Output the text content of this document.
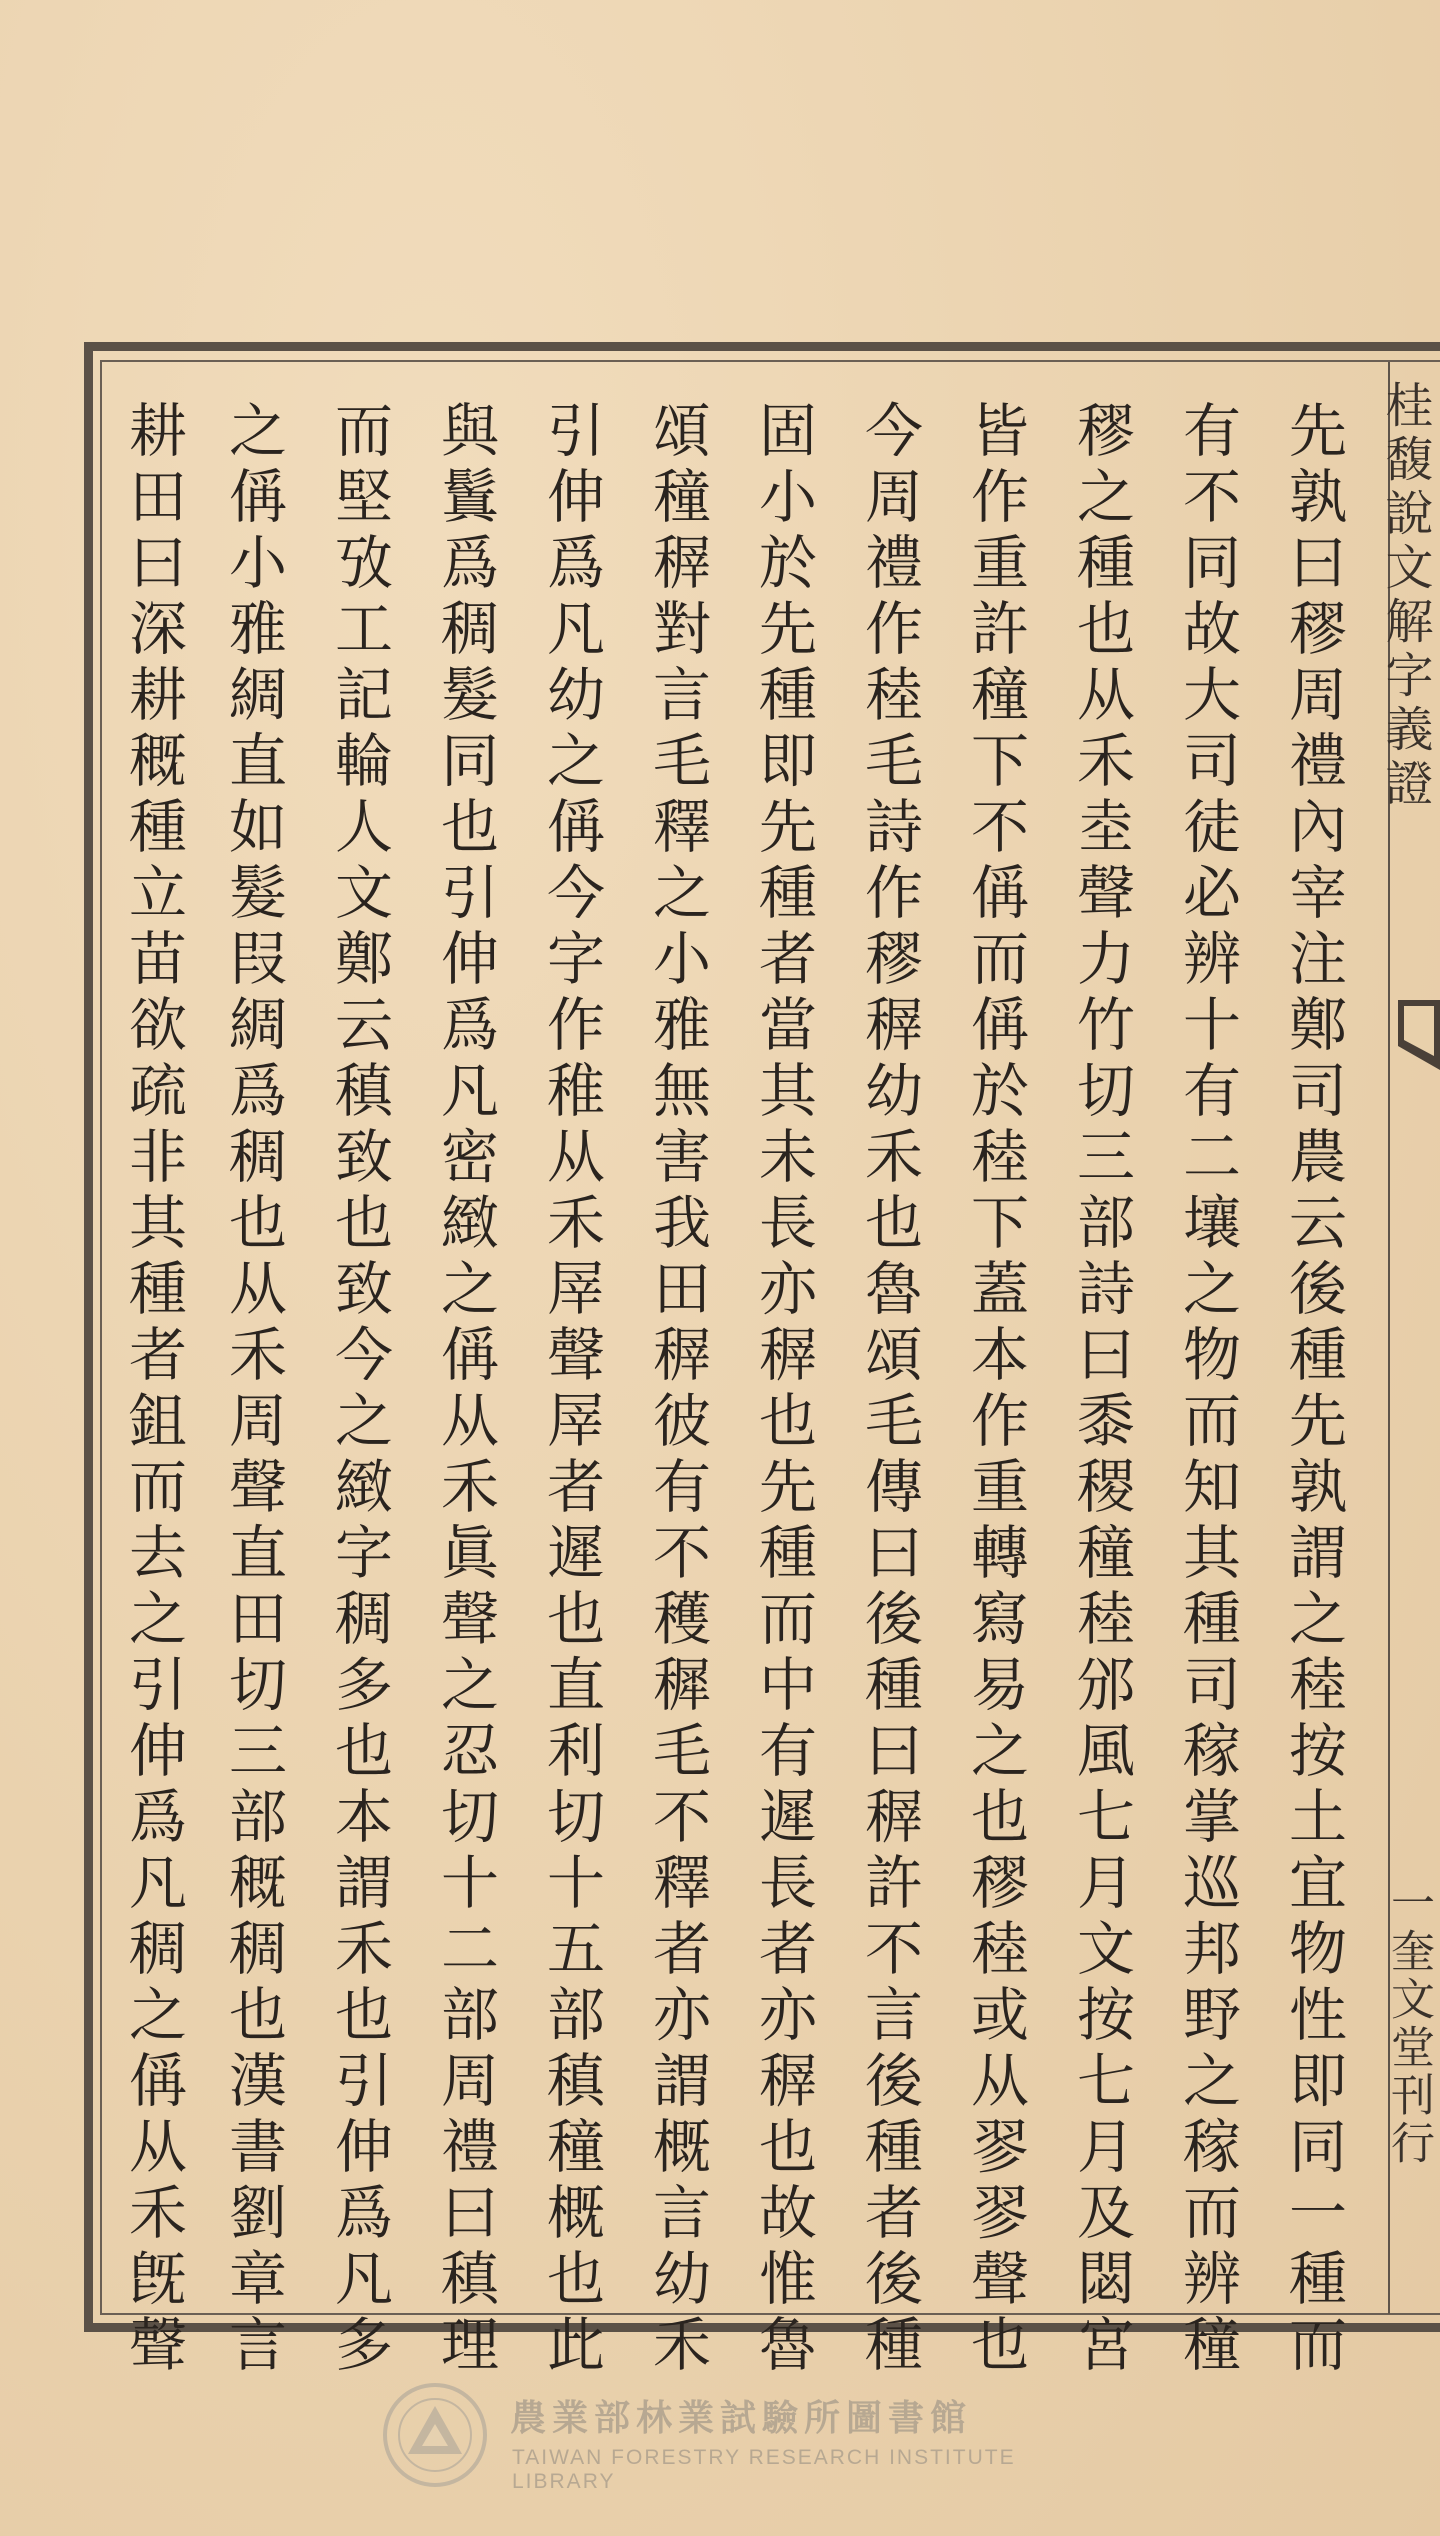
桂馥說文解字義證
一奎文堂刊行
先孰曰穋周禮內宰注鄭司農云後種先孰謂之稑按土宜物性即同一種而
有不同故大司徒必辨十有二壤之物而知其種司稼掌巡邦野之稼而辨穜
穋之種也从禾坴聲力竹切三部詩曰黍稷穜稑邠風七月文按七月及閟宮
皆作重許穜下不偁而偁於稑下蓋本作重轉寫易之也穋稑或从翏翏聲也
今周禮作稑毛詩作穋稺幼禾也魯頌毛傳曰後種曰稺許不言後種者後種
固小於先種即先種者當其未長亦稺也先種而中有遲長者亦稺也故惟魯
頌穜稺對言毛釋之小雅無害我田稺彼有不穫穉毛不釋者亦謂概言幼禾
引伸爲凡幼之偁今字作稚从禾屖聲屖者遲也直利切十五部稹穜概也此
與鬒爲稠髮同也引伸爲凡密緻之偁从禾眞聲之忍切十二部周禮曰稹理
而堅攷工記輪人文鄭云稹致也致今之緻字稠多也本謂禾也引伸爲凡多
之偁小雅綢直如髮叚綢爲稠也从禾周聲直田切三部穊稠也漢書劉章言
耕田曰深耕穊種立苗欲疏非其種者鉏而去之引伸爲凡稠之偁从禾旣聲
農業部林業試驗所圖書館
TAIWAN FORESTRY RESEARCH INSTITUTE LIBRARY
